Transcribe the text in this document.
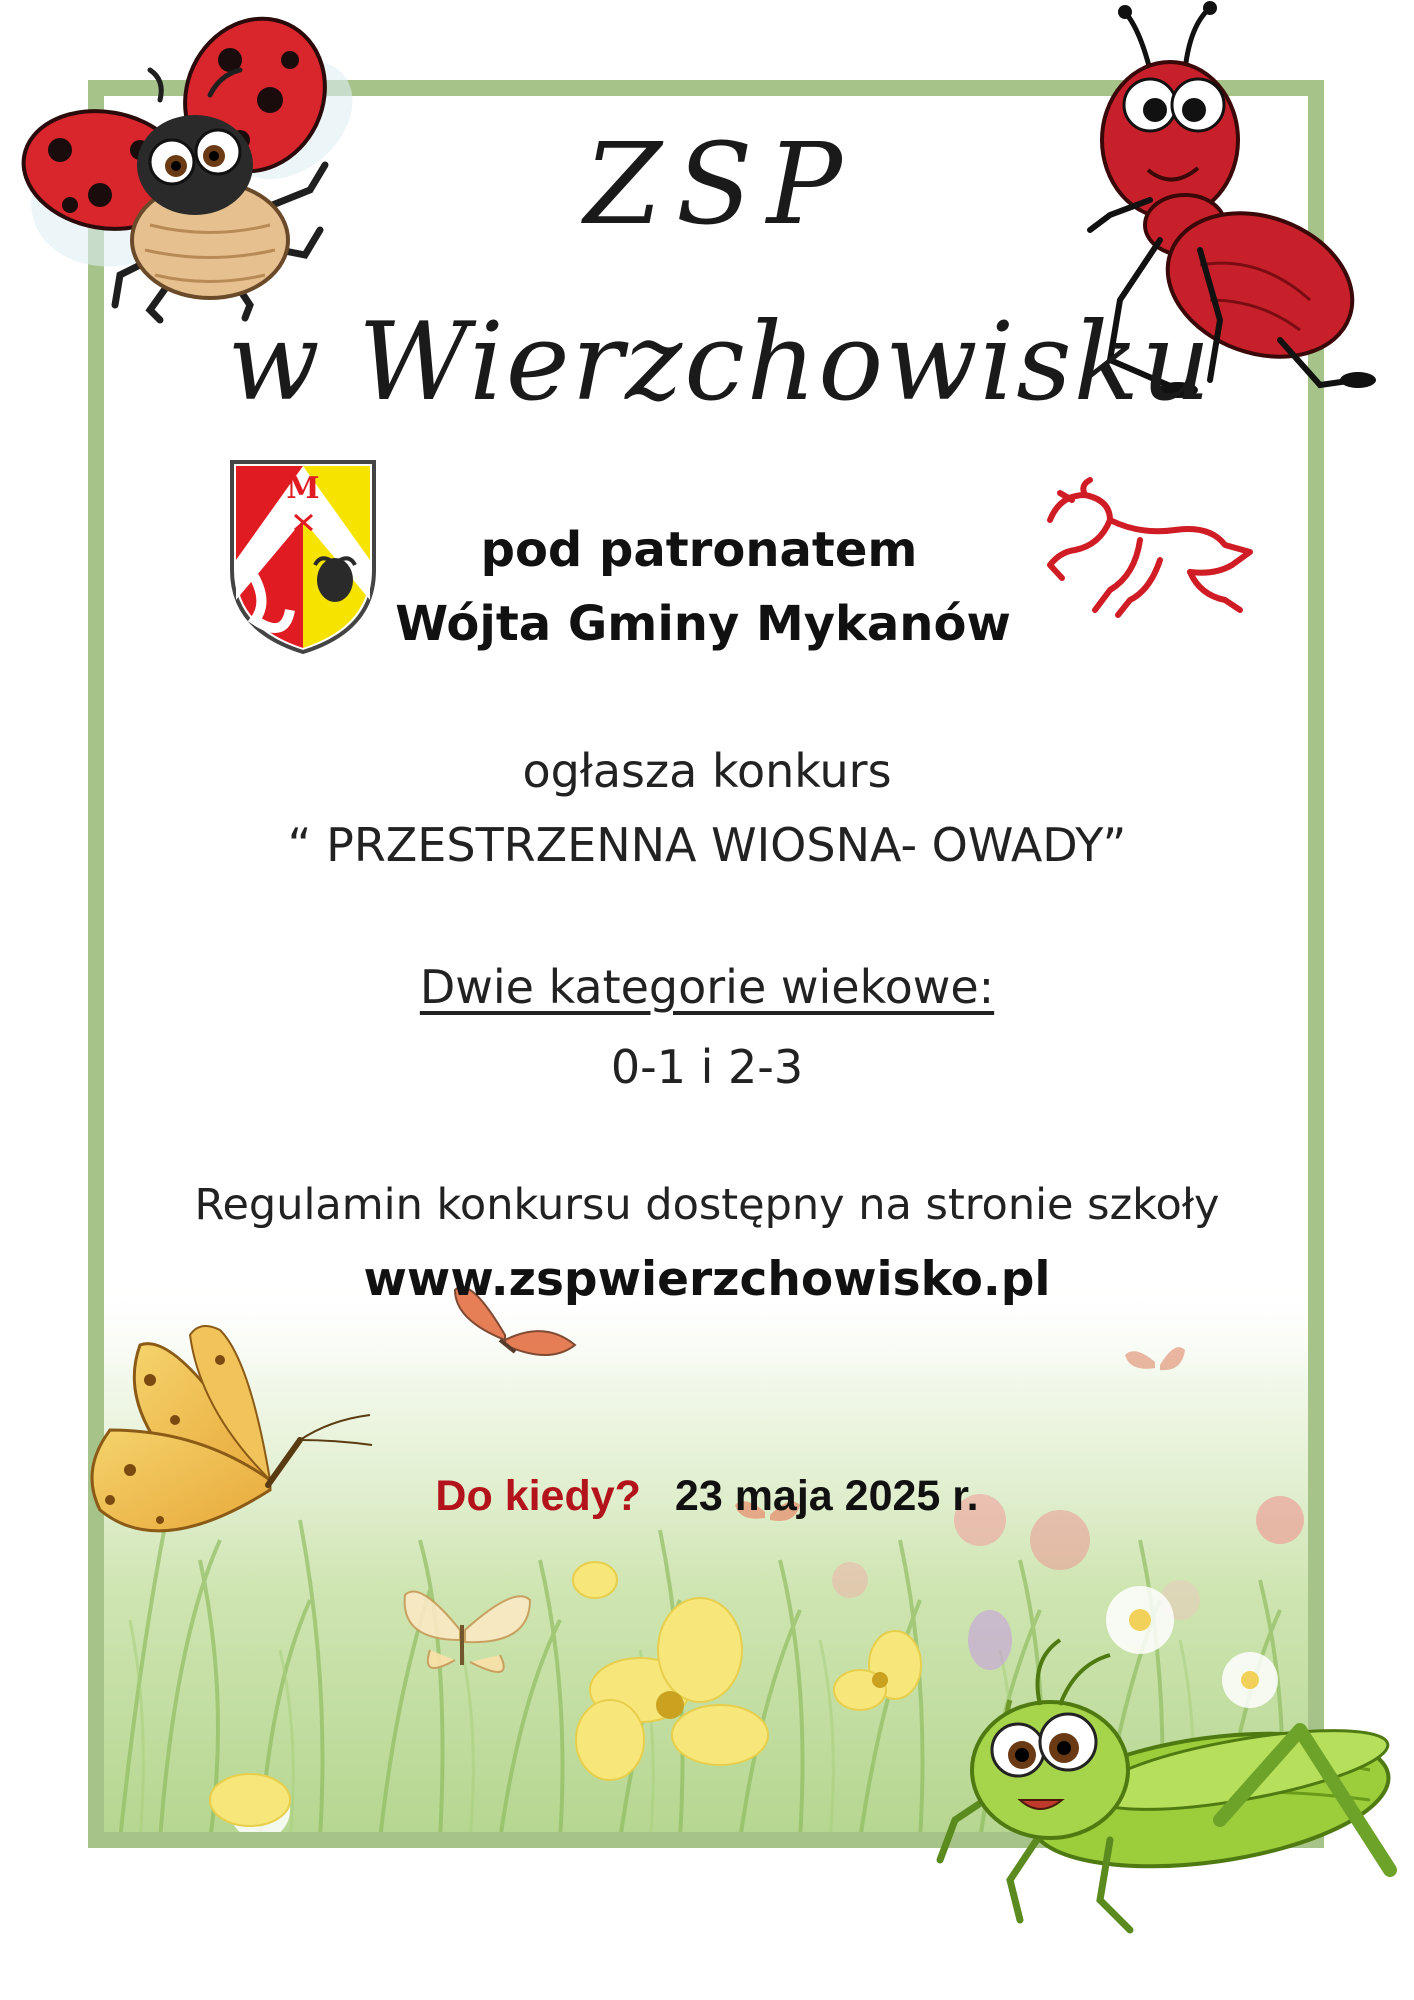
M
ZSP
w Wierzchowisku
pod patronatem
Wójta Gminy Mykanów
ogłasza konkurs
“ PRZESTRZENNA WIOSNA- OWADY”
Dwie kategorie wiekowe:
0-1 i 2-3
Regulamin konkursu dostępny na stronie szkoły
www.zspwierzchowisko.pl
Do kiedy? 23 maja 2025 r.
